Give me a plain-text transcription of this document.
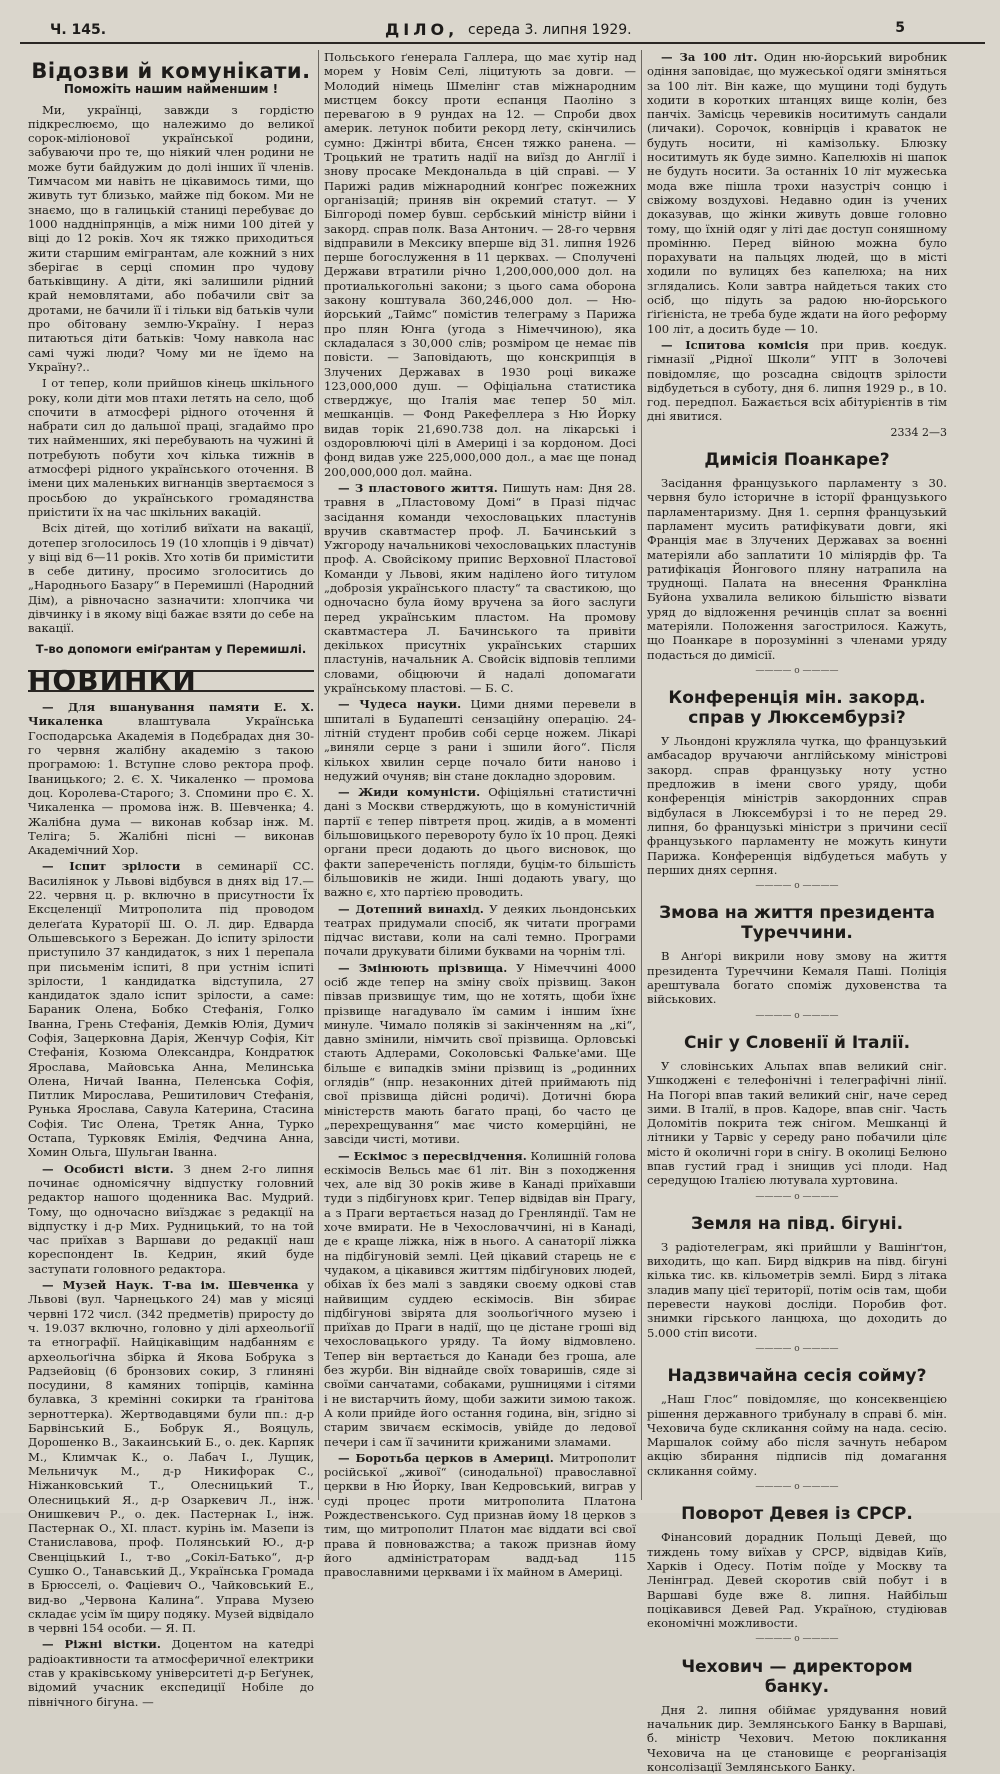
Ч. 145.	ДІЛО, середа 3. липня 1929.	5
Відозви й комунікати.
Поможіть нашим найменшим !

Ми, українці, завжди з гордістю підкреслюємо, що належимо до великої сорок-міліонової української родини, забуваючи про те, що ніякий член родини не може бути байдужим до долі інших її членів. Тимчасом ми навіть не цікавимось тими, що живуть тут близько, майже під боком. Ми не знаємо, що в галицькій станиці перебуває до 1000 наддніпрянців, а між ними 100 дітей у віці до 12 років. Хоч як тяжко приходиться жити старшим емігрантам, але кожний з них зберігає в серці спомин про чудову батьківщину. А діти, які залишили рідний край немовлятами, або побачили світ за дротами, не бачили її і тільки від батьків чули про обітовану землю-Україну. І нераз питаються діти батьків: Чому навкола нас самі чужі люди? Чому ми не їдемо на Україну?..

І от тепер, коли прийшов кінець шкільного року, коли діти мов птахи летять на село, щоб спочити в атмосфері рідного оточення й набрати сил до дальшої праці, згадаймо про тих найменших, які перебувають на чужині й потребують побути хоч кілька тижнів в атмосфері рідного українського оточення. В імени цих маленьких вигнанців звертаємося з просьбою до українського громадянства приістити їх на час шкільних вакацій.

Всіх дітей, що хотілиб виїхати на вакації, дотепер зголосилось 19 (10 хлопців і 9 дівчат) у віці від 6—11 років. Хто хотів би примістити в себе дитину, просимо зголоситись до „Народнього Базару“ в Перемишлі (Народний Дім), а рівночасно зазначити: хлопчика чи дівчинку і в якому віці бажає взяти до себе на вакації.

Т-во допомоги еміґрантам у Перемишлі.
НОВИНКИ

— Для вшанування памяти Е. Х. Чикаленка влаштувала Українська Господарська Академія в Подєбрадах дня 30-го червня жалібну академію з такою програмою: 1. Вступне слово ректора проф. Іваницького; 2. Є. Х. Чикаленко — промова доц. Королева-Старого; 3. Спомини про Є. Х. Чикаленка — промова інж. В. Шевченка; 4. Жалібна дума — виконав кобзар інж. М. Теліга; 5. Жалібні пісні — виконав Академічний Хор.

— Іспит зрілости в семинарії СС. Василіянок у Львові відбувся в днях від 17.—22. червня ц. р. включно в присутности Їх Ексцеленції Митрополита під проводом делеґата Кураторії Ш. О. Л. дир. Едварда Ольшевського з Бережан. До іспиту зрілости приступило 37 кандидаток, з них 1 перепала при письменім іспиті, 8 при устнім іспиті зрілости, 1 кандидатка відступила, 27 кандидаток здало іспит зрілости, а саме: Бараник Олена, Бобко Стефанія, Голко Іванна, Грень Стефанія, Демків Юлія, Думич Софія, Зацерковна Дарія, Женчур Софія, Кіт Стефанія, Козюма Олександра, Кондратюк Ярослава, Майовська Анна, Мелинська Олена, Ничай Іванна, Пеленська Софія, Питлик Мирослава, Решитилович Стефанія, Рунька Ярослава, Савула Катерина, Стасина Софія. Тис Олена, Третяк Анна, Турко Остапа, Турковяк Емілія, Федчина Анна, Хомин Ольга, Шульган Іванна.

— Особисті вісти. З днем 2-го липня починає одномісячну відпустку головний редактор нашого щоденника Вас. Мудрий. Тому, що одночасно виїзджає з редакції на відпустку і д-р Мих. Рудницький, то на той час приїхав з Варшави до редакції наш кореспондент Ів. Кедрин, який буде заступати головного редактора.

— Музей Наук. Т-ва ім. Шевченка у Львові (вул. Чарнецького 24) мав у місяці червні 172 числ. (342 предметів) приросту до ч. 19.037 включно, головно у ділі археольоґії та етнографії. Найцікавіщим надбанням є археольоґічна збірка й Якова Бобрука з Радзейовіц (6 бронзових сокир, 3 глиняні посудини, 8 камяних топірців, камінна булавка, 3 кремінні сокирки та ґранітова зерноттерка). Жертводавцями були пп.: д-р Барвінський Б., Бобрук Я., Вояцуль, Дорошенко В., Закаинський Б., о. дек. Карпяк М., Климчак К., о. Лабач І., Лущик, Мельничук М., д-р Никифорак С., Ніжанковський Т., Олесницький Т., Олесницький Я., д-р Озаркевич Л., інж. Онишкевич Р., о. дек. Пастернак І., інж. Пастернак О., XI. пласт. курінь ім. Мазепи із Станиславова, проф. Полянський Ю., д-р Свенціцький І., т-во „Сокіл-Батько“, д-р Сушко О., Танавський Д., Українська Громада в Брюсселі, о. Фаціевич О., Чайковський Е., вид-во „Червона Калина“. Управа Музею складає усім їм щиру подяку. Музей відвідало в червні 154 особи. — Я. П.

— Ріжні вістки. Доцентом на катедрі радіоактивности та атмосферичної електрики став у краківському університеті д-р Беґунек, відомий учасник експедиції Нобіле до північного бігуна. —

Польського ґенерала Галлера, що має хутір над морем у Новім Селі, ліцитують за довги. — Молодий німець Шмелінг став міжнародним мистцем боксу проти еспанця Паоліно з перевагою в 9 рундах на 12. — Спроби двох америк. летунок побити рекорд лету, скінчились сумно: Джінтрі вбита, Єнсен тяжко ранена. — Троцький не тратить надії на виїзд до Англії і знову просаке Мекдональда в цій справі. — У Парижі радив міжнародний конґрес пожежних організацій; приняв він окремий статут. — У Білгороді помер бувш. сербський міністр війни і закорд. справ полк. Ваза Антонич. — 28-го червня відправили в Мексику вперше від 31. липня 1926 перше богослуження в 11 церквах. — Сполучені Держави втратили річно 1,200,000,000 дол. на протиалькогольні закони; з цього сама оборона закону коштувала 360,246,000 дол. — Ню-йорський „Таймс“ помістив телеграму з Парижа про плян Юнга (угода з Німеччиною), яка складалася з 30,000 слів; розміром це немає пів повісти. — Заповідають, що конскрипція в Злучених Державах в 1930 році викаже 123,000,000 душ. — Офіціальна статистика стверджує, що Італія має тепер 50 міл. мешканців. — Фонд Ракефеллера з Ню Йорку видав торік 21,690.738 дол. на лікарські і оздоровлюючі цілі в Америці і за кордоном. Досі фонд видав уже 225,000,000 дол., а має ще понад 200,000,000 дол. майна.

— З пластового життя. Пишуть нам: Дня 28. травня в „Пластовому Домі“ в Празі підчас засідання команди чехословацьких пластунів вручив скавтмастер проф. Л. Бачинський з Ужгороду начальникові чехословацьких пластунів проф. А. Свойсікому припис Верховної Пластової Команди у Львові, яким наділено його титулом „доброзія українського пласту“ та свастикою, що одночасно була йому вручена за його заслуги перед українським пластом. На промову скавтмастера Л. Бачинського та привіти декількох присутніх українських старших пластунів, начальник А. Свойсік відповів теплими словами, обіцюючи й надалі допомагати українському пластові. — Б. С.

— Чудеса науки. Цими днями перевели в шпиталі в Будапешті сензаційну операцію. 24-літній студент пробив собі серце ножем. Лікарі „виняли серце з рани і зшили його“. Після кількох хвилин серце почало бити наново і недужий очуняв; він стане докладно здоровим.

— Жиди комуністи. Офіціяльні статистичні дані з Москви стверджують, що в комуністичній партії є тепер півтретя проц. жидів, а в моменті більшовицького перевороту було їх 10 проц. Деякі органи преси додають до цього висновок, що факти запереченість погляди, буцім-то більшість більшовиків не жиди. Інші додають увагу, що важно є, хто партією проводить.

— Дотепний винахід. У деяких льондонських театрах придумали спосіб, як читати програми підчас вистави, коли на салі темно. Програми почали друкувати білими буквами на чорнім тлі.

— Змінюють прізвища. У Німеччині 4000 осіб жде тепер на зміну своїх прізвищ. Закон півзав призвищує тим, що не хотять, щоби їхнє прізвище нагадувало їм самим і іншим їхнє минуле. Чимало поляків зі закінченням на „кі“, давно змінили, німчить свої прізвища. Орловські стають Адлерами, Соколовські Фальке'ами. Ще більше є випадків зміни прізвищ із „родинних оглядів“ (нпр. незаконних дітей приймають під свої прізвища дійсні родичі). Дотичні бюра міністерств мають багато праці, бо часто це „перехрещування“ має чисто комерційні, не завсіди чисті, мотиви.

— Ескімос з пересвідчення. Колишній голова ескімосів Вельсь має 61 літ. Він з походження чех, але від 30 років живе в Канаді приїхавши туди з підбігуновх криг. Тепер відвідав він Прагу, а з Праги вертається назад до Гренляндії. Там не хоче вмирати. Не в Чехословаччині, ні в Канаді, де є краще ліжка, ніж в нього. А санаторії ліжка на підбігуновій землі. Цей цікавий старець не є чудаком, а цікавився життям підбігунових людей, обіхав їх без малі з завдяки своєму одкові став найвищим суддею ескімосів. Він збирає підбігунові звірята для зоольоґічного музею і приїхав до Праги в надії, що це дістане гроші від чехословацького уряду. Та йому відмовлено. Тепер він вертається до Канади без гроша, але без журби. Він віднайде своїх товаришів, сяде зі своїми санчатами, собаками, рушницями і сітями і не вистарчить йому, щоби зажити зимою також. А коли прийде його остання година, він, згідно зі старим звичаєм ескімосів, увійде до ледової печери і сам її зачинити крижаними зламами.

— Боротьба церков в Америці. Митрополит російської „живої“ (синодальної) православної церкви в Ню Йорку, Іван Кедровський, виграв у суді процес проти митрополита Платона Рождественського. Суд признав йому 18 церков з тим, що митрополит Платон має віддати всі свої права й повноважства; а також признав йому його адміністраторам вадд-ьад 115 православними церквами і їх майном в Америці.

— За 100 літ. Один ню-йорський виробник одіння заповідає, що мужеської одяги зміняться за 100 літ. Він каже, що мущини тоді будуть ходити в коротких штанцях вище колін, без панчіх. Замісць черевиків носитимуть сандали (личаки). Сорочок, ковнірців і краваток не будуть носити, ні камізольку. Блюзку носитимуть як буде зимно. Капелюхів ні шапок не будуть носити. За останніх 10 літ мужеська мода вже пішла трохи назустріч сонцю і свіжому воздухові. Недавно один із учених доказував, що жінки живуть довше головно тому, що їхній одяг у літі дає доступ соняшному промінню. Перед війною можна було порахувати на пальцях людей, що в місті ходили по вулицях без капелюха; на них зглядались. Коли завтра найдеться таких сто осіб, що підуть за радою ню-йорського ґіґієніста, не треба буде ждати на його реформу 100 літ, а досить буде — 10.

— Іспитова комісія при прив. коєдук. гімназії „Рідної Школи“ УПТ в Золочеві повідомляє, що розсадна свідоцтв зрілости відбудеться в суботу, дня 6. липня 1929 р., в 10. год. передпол. Бажається всіх абітурієнтів в тім дні явитися.

2334 2—3
Димісія Поанкаре?

Засідання французького парламенту з 30. червня було історичне в історії французького парламентаризму. Дня 1. серпня французький парламент мусить ратифікувати довги, які Франція має в Злучених Державах за воєнні матеріяли або заплатити 10 міліярдів фр. Та ратифікація Йонгового пляну натрапила на труднощі. Палата на внесення Франкліна Буйона ухвалила великою більшістю візвати уряд до відложення речинців сплат за воєнні матеріяли. Положення загострилося. Кажуть, що Поанкаре в порозумінні з членами уряду подасться до димісії.

———— o ————
Конференція мін. закорд. справ у Люксембурзі?

У Льондоні кружляла чутка, що французький амбасадор вручаючи англійському міністрові закорд. справ французьку ноту устно предложив в імени свого уряду, щоби конференція міністрів закордонних справ відбулася в Люксембурзі і то не перед 29. липня, бо французькі міністри з причини сесії французького парламенту не можуть кинути Парижа. Конференція відбудеться мабуть у перших днях серпня.

———— o ————
Змова на життя президента Туреччини.

В Анґорі викрили нову змову на життя президента Туреччини Кемаля Паші. Поліція арештувала богато споміж духовенства та військових.

———— o ————
Сніг у Словенії й Італії.

У словінських Альпах впав великий сніг. Ушкоджені є телефонічні і телеграфічні лінії. На Погорі впав такий великий сніг, наче серед зими. В Італії, в пров. Кадоре, впав сніг. Часть Доломітів покрита теж снігом. Мешканці й літники у Тарвіс у середу рано побачили цілє місто й околичні гори в снігу. В околиці Белюно впав густий град і знищив усі плоди. Над середущою Італією лютувала хуртовина.

———— o ————
Земля на півд. бігуні.

З радіотелеграм, які прийшли у Вашінґтон, виходить, що кап. Бирд відкрив на півд. бігуні кілька тис. кв. кільометрів землі. Бирд з літака зладив мапу цієї території, потім осів там, щоби перевести наукові досліди. Поробив фот. знимки гірського ланцюха, що доходить до 5.000 стіп висоти.

———— o ————
Надзвичайна сесія сойму?

„Наш Глос“ повідомляє, що консеквенцією рішення державного трибуналу в справі б. мін. Чеховича буде скликання сойму на нада. сесію. Маршалок сойму або після зачнуть небаром акцію збирання підписів під домагання скликання сойму.

———— o ————
Поворот Девея із СРСР.

Фінансовий дорадник Польщі Девей, що тиждень тому виїхав у СРСР, відвідав Київ, Харків і Одесу. Потім поїде у Москву та Ленінград. Девей скоротив свій побут і в Варшаві буде вже 8. липня. Найбільш поцікавився Девей Рад. Україною, студіював економічні можливости.

———— o ————
Чехович — директором банку.

Дня 2. липня обіймає урядування новий начальник дир. Землянського Банку в Варшаві, б. міністр Чехович. Метою покликання Чеховича на це становище є реорганізація консолізації Землянського Банку.
